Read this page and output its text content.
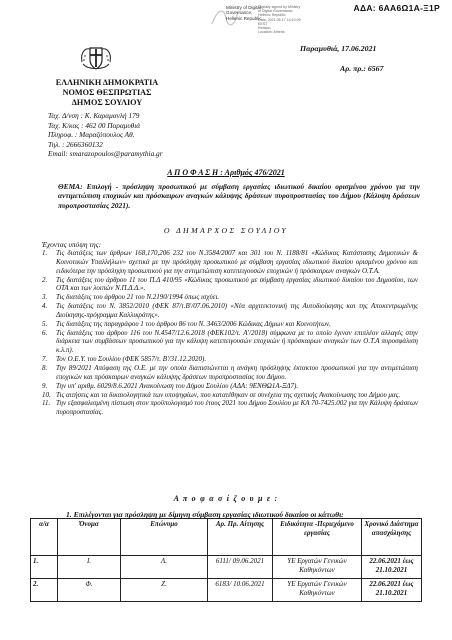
ΑΔΑ: 6ΑΑ6Ω1Α-Ξ1Ρ
Ministry of Digital
Governance,
Hellenic Republic
Digitally signed by Ministry
of Digital Governance,
Hellenic Republic
Date: 2021.06.17 14:10:09
EEST
Reason:
Location: Athens
ΕΛΛΗΝΙΚΗ ΔΗΜΟΚΡΑΤΙΑ
ΝΟΜΟΣ ΘΕΣΠΡΩΤΙΑΣ
ΔΗΜΟΣ ΣΟΥΛΙΟΥ
Παραμυθιά, 17.06.2021
Αρ. πρ.: 6567
Ταχ. Δ/νση : Κ. Καραμανλή 179
Ταχ. Κ/κας : 462 00 Παραμυθιά
Πληροφ. : Μαραζόπουλος Αθ.
Τηλ. : 2666360132
Email: smarazopoulos@paramythia.gr
Α Π Ο Φ Α Σ Η : Αριθμός 476/2021
ΘΕΜΑ: Επιλογή - πρόσληψη προσωπικού με σύμβαση εργασίας ιδιωτικού δικαίου ορισμένου χρόνου για την αντιμετώπιση εποχικών και πρόσκαιρων αναγκών κάλυψης δράσεων πυροπροστασίας του Δήμου (Κάλυψη δράσεων πυροπροστασίας 2021).
Ο ΔΗΜΑΡΧΟΣ ΣΟΥΛΙΟΥ
Έχοντας υπόψη της:
1. Τις διατάξεις των άρθρων 168,170,206 232 του Ν.3584/2007 και 301 του Ν. 1188/81 «Κώδικας Κατάστασης Δημοτικών & Κοινοτικών Υπαλλήλων» σχετικά με την πρόσληψη προσωπικού με σύμβαση εργασίας ιδιωτικού δικαίου ορισμένου χρόνου και ειδικότερα την πρόσληψη προσωπικού για την αντιμετώπιση κατεπειγουσών εποχικών ή πρόσκαιρων αναγκών Ο.Τ.Α.
2. Τις διατάξεις του άρθρου 11 του Π.Δ 410/95 «Κώδικας προσωπικού με σύμβαση εργασίας ιδιωτικού δικαίου του Δημοσίου, των ΟΤΑ και των λοιπών Ν.Π.Δ.Δ.».
3. Τις διατάξεις του άρθρου 21 του Ν.2190/1994 όπως ισχύει.
4. Τις διατάξεις του Ν. 3852/2010 (ΦΕΚ 87/τ.Β'/07.06.2010) «Νέα αρχιτεκτονική της Αυτοδιοίκησης και της Αποκεντρωμένης Διοίκησης-πρόγραμμα Καλλικράτης».
5. Τις διατάξεις της παραγράφου 1 του άρθρου 86 του Ν. 3463/2006 Κώδικας Δήμων και Κοινοτήτων.
6. Τις διατάξεις του άρθρου 116 του Ν.4547/12.6.2018 (ΦΕΚ102/τ. Α'/2018) σύμφωνα με το οποίο έγιναν επιπλέον αλλαγές στην διάρκεια των συμβάσεων προσωπικού για την κάλυψη κατεπειγουσών εποχικών ή πρόσκαιρων αναγκών των Ο.Τ.Α πυροσφάλιση κ.λ.π).
7. Τον Ο.Ε.Υ. του Σουλίου (ΦΕΚ 5857/τ. Β'/31.12.2020).
8. Την 89/2021 Απόφαση της Ο.Ε. με την οποία διαπιστώνεται η ανάγκη πρόσληψης έκτακτου προσωπικού για την αντιμετώπιση εποχικών και πρόσκαιρων αναγκών κάλυψης δράσεων πυροπροστασίας του Δήμου.
9. Την υπ' αριθμ. 6029/8.6.2021 Ανακοίνωση του Δήμου Σουλίου (ΑΔΑ: 9ΕΝΘΩ1Α-ΞΔ7).
10. Τις αιτήσεις και τα δικαιολογητικά των υποψηφίων, που κατατέθηκαν σε συνέχεια της σχετικής Ανακοίνωσης του Δήμου μας.
11. Την εξασφαλισμένη πίστωση στον προϋπολογισμό του έτους 2021 του Δήμου Σουλίου με ΚΑ 70-7425.002 για την Κάλυψη δράσεων πυροπροστασίας.
Α π ο φ α σ ί ζ ο υ μ ε :
1. Επιλέγονται για πρόσληψη με δίμηνη σύμβαση εργασίας ιδιωτικού δικαίου οι κάτωθι:
α/α	Όνομα	Επώνυμο	Αρ. Πρ. Αίτησης	Ειδικότητα -Περιεχόμενο εργασίας	Χρονικό Διάστημα απασχόλησης
1.	Ι.	Λ.	6111/ 09.06.2021	ΥΕ Εργατών Γενικών Καθηκόντων	22.06.2021 έως 21.10.2021
2.	Φ.	Ζ.	6183/ 10.06.2021	ΥΕ Εργατών Γενικών Καθηκόντων	22.06.2021 έως 21.10.2021
